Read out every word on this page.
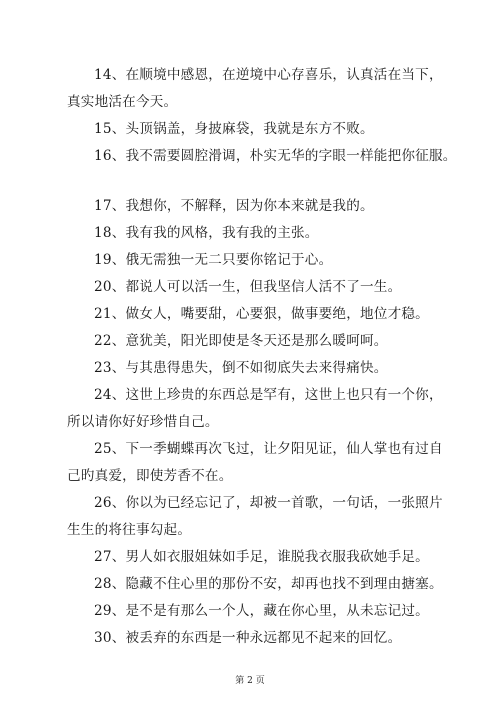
14、在顺境中感恩，在逆境中心存喜乐，认真活在当下，
真实地活在今天。
15、头顶锅盖，身披麻袋，我就是东方不败。
16、我不需要圆腔滑调，朴实无华的字眼一样能把你征服。
17、我想你，不解释，因为你本来就是我的。
18、我有我的风格，我有我的主张。
19、俄无需独一无二只要你铭记于心。
20、都说人可以活一生，但我坚信人活不了一生。
21、做女人，嘴要甜，心要狠，做事要绝，地位才稳。
22、意犹美，阳光即使是冬天还是那么暖呵呵。
23、与其患得患失，倒不如彻底失去来得痛快。
24、这世上珍贵的东西总是罕有，这世上也只有一个你，
所以请你好好珍惜自己。
25、下一季蝴蝶再次飞过，让夕阳见证，仙人掌也有过自
己旳真爱，即使芳香不在。
26、你以为已经忘记了，却被一首歌，一句话，一张照片
生生的将往事勾起。
27、男人如衣服姐妹如手足，谁脱我衣服我砍她手足。
28、隐藏不住心里的那份不安，却再也找不到理由搪塞。
29、是不是有那么一个人，藏在你心里，从未忘记过。
30、被丢弃的东西是一种永远都见不起来的回忆。
第 2 页
